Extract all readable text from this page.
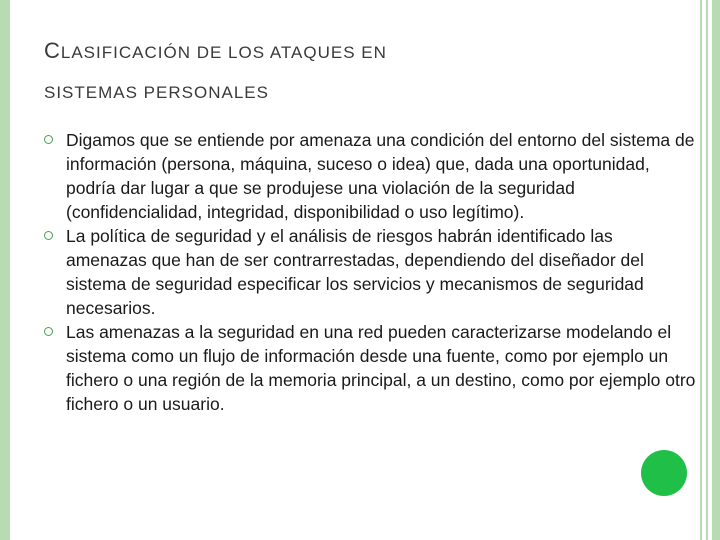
CLASIFICACIÓN DE LOS ATAQUES EN
SISTEMAS PERSONALES
Digamos que se entiende por amenaza una condición del entorno del sistema de información (persona, máquina, suceso o idea) que, dada una oportunidad, podría dar lugar a que se produjese una violación de la seguridad (confidencialidad, integridad, disponibilidad o uso legítimo).
La política de seguridad y el análisis de riesgos habrán identificado las amenazas que han de ser contrarrestadas, dependiendo del diseñador del sistema de seguridad especificar los servicios y mecanismos de seguridad necesarios.
Las amenazas a la seguridad en una red pueden caracterizarse modelando el sistema como un flujo de información desde una fuente, como por ejemplo un fichero o una región de la memoria principal, a un destino, como por ejemplo otro fichero o un usuario.
